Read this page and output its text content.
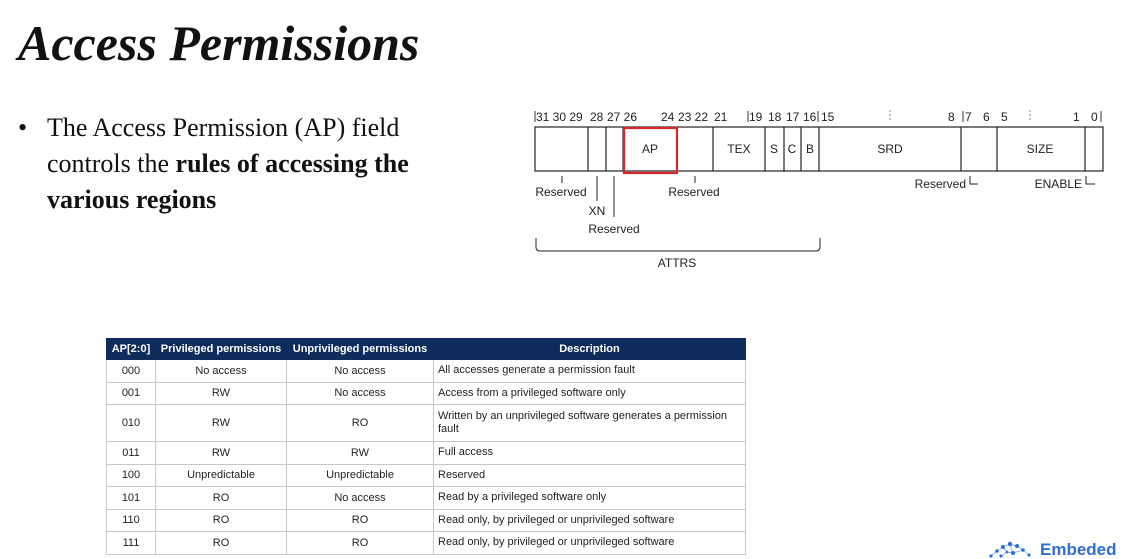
Access Permissions
• The Access Permission (AP) field controls the rules of accessing the various regions
31 30 29 28 27 26 24 23 22 21 19 18 17 16 15	8 7 6 5	1 0
AP	TEX S C B	SRD	SIZE
Reserved
XN
Reserved
Reserved
Reserved	ENABLE
ATTRS
AP[2:0]	Privileged permissions	Unprivileged permissions	Description
000	No access	No access	All accesses generate a permission fault
001	RW	No access	Access from a privileged software only
010	RW	RO	Written by an unprivileged software generates a permission fault
011	RW	RW	Full access
100	Unpredictable	Unpredictable	Reserved
101	RO	No access	Read by a privileged software only
110	RO	RO	Read only, by privileged or unprivileged software
111	RO	RO	Read only, by privileged or unprivileged software	Embeded
